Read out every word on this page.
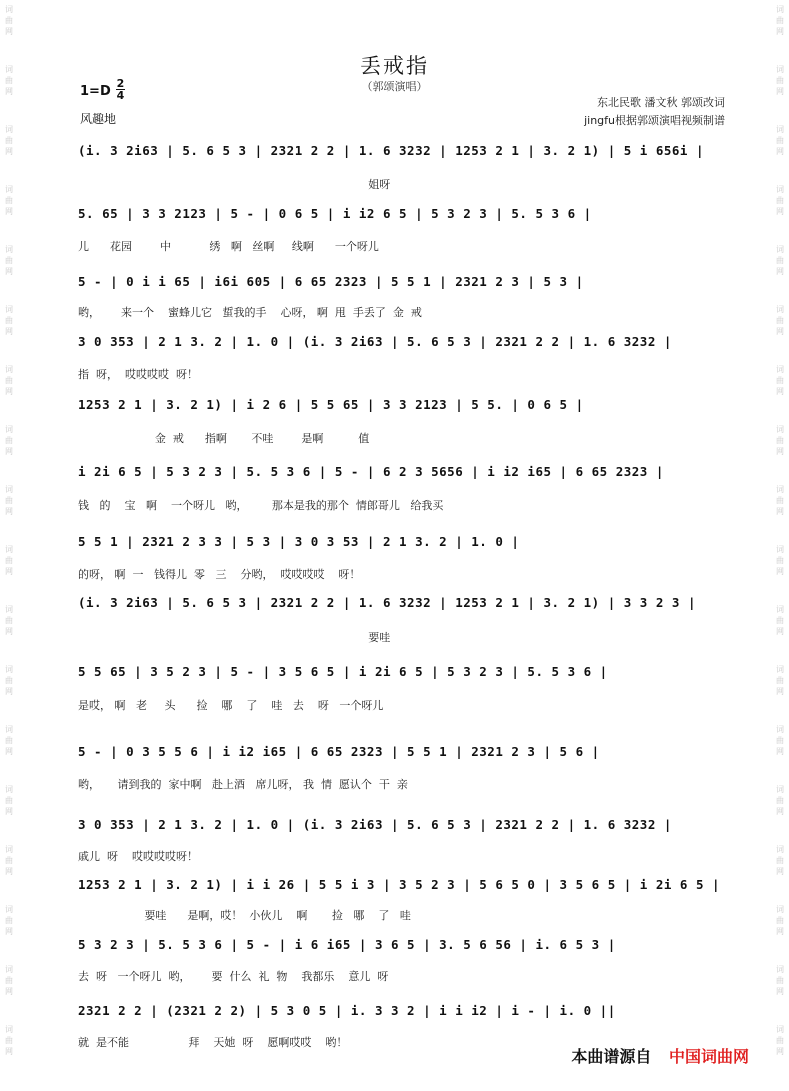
词
曲
网
词
曲
网
词
曲
网
词
曲
网
词
曲
网
词
曲
网
词
曲
网
词
曲
网
词
曲
网
词
曲
网
词
曲
网
词
曲
网
词
曲
网
词
曲
网
词
曲
网
词
曲
网
词
曲
网
词
曲
网
词
曲
网
词
曲
网
词
曲
网
词
曲
网
词
曲
网
词
曲
网
词
曲
网
词
曲
网
词
曲
网
词
曲
网
词
曲
网
词
曲
网
词
曲
网
词
曲
网
词
曲
网
词
曲
网
词
曲
网
词
曲
网
丢戒指
（郭颂演唱）
1=D
2
4
风趣地
东北民歌 潘文秋 郭颂改词
jingfu根据郭颂演唱视频制谱
(i. 3 2i63 | 5. 6 5 3 | 2321 2 2 | 1. 6 3232 | 1253 2 1 | 3. 2 1) | 5 i 656i |
姐呀
5. 65 | 3 3 2123 | 5 - | 0 6 5 | i i2 6 5 | 5 3 2 3 | 5. 5 3 6 |
儿      花园        中           绣   啊   丝啊     线啊      一个呀儿
5 - | 0 i i 65 | i6i 605 | 6 65 2323 | 5 5 1 | 2321 2 3 | 5 3 |
哟，      来一个    蜜蜂儿它   蜇我的手    心呀， 啊  甩  手丢了  金  戒
3 0 353 | 2 1 3. 2 | 1. 0 | (i. 3 2i63 | 5. 6 5 3 | 2321 2 2 | 1. 6 3232 |
指  呀，  哎哎哎哎  呀！
1253 2 1 | 3. 2 1) | i 2 6 | 5 5 65 | 3 3 2123 | 5 5. | 0 6 5 |
金  戒      指啊       不哇        是啊          值
i 2i 6 5 | 5 3 2 3 | 5. 5 3 6 | 5 - | 6 2 3 5656 | i i2 i65 | 6 65 2323 |
钱   的    宝   啊    一个呀儿   哟，       那本是我的那个  情郎哥儿   给我买
5 5 1 | 2321 2 3 3 | 5 3 | 3 0 3 53 | 2 1 3. 2 | 1. 0 |
的呀， 啊  一   钱得儿  零   三    分哟，  哎哎哎哎    呀！
(i. 3 2i63 | 5. 6 5 3 | 2321 2 2 | 1. 6 3232 | 1253 2 1 | 3. 2 1) | 3 3 2 3 |
要哇
5 5 65 | 3 5 2 3 | 5 - | 3 5 6 5 | i 2i 6 5 | 5 3 2 3 | 5. 5 3 6 |
是哎， 啊   老     头      捡    哪    了    哇   去    呀   一个呀儿
5 - | 0 3 5 5 6 | i i2 i65 | 6 65 2323 | 5 5 1 | 2321 2 3 | 5 6 |
哟，     请到我的  家中啊   赴上酒   席儿呀， 我  情  愿认个  干  亲
3 0 353 | 2 1 3. 2 | 1. 0 | (i. 3 2i63 | 5. 6 5 3 | 2321 2 2 | 1. 6 3232 |
戚儿  呀    哎哎哎哎呀！
1253 2 1 | 3. 2 1) | i i 26 | 5 5 i 3 | 3 5 2 3 | 5 6 5 0 | 3 5 6 5 | i 2i 6 5 |
要哇      是啊，哎！  小伙儿    啊       捡   哪    了   哇
5 3 2 3 | 5. 5 3 6 | 5 - | i 6 i65 | 3 6 5 | 3. 5 6 56 | i. 6 5 3 |
去  呀   一个呀儿  哟，      要  什么  礼  物    我都乐    意儿  呀
2321 2 2 | (2321 2 2) | 5 3 0 5 | i. 3 3 2 | i i i2 | i - | i. 0 ||
就  是不能                 拜    天她  呀    愿啊哎哎    哟！
本曲谱源自 中国词曲网
